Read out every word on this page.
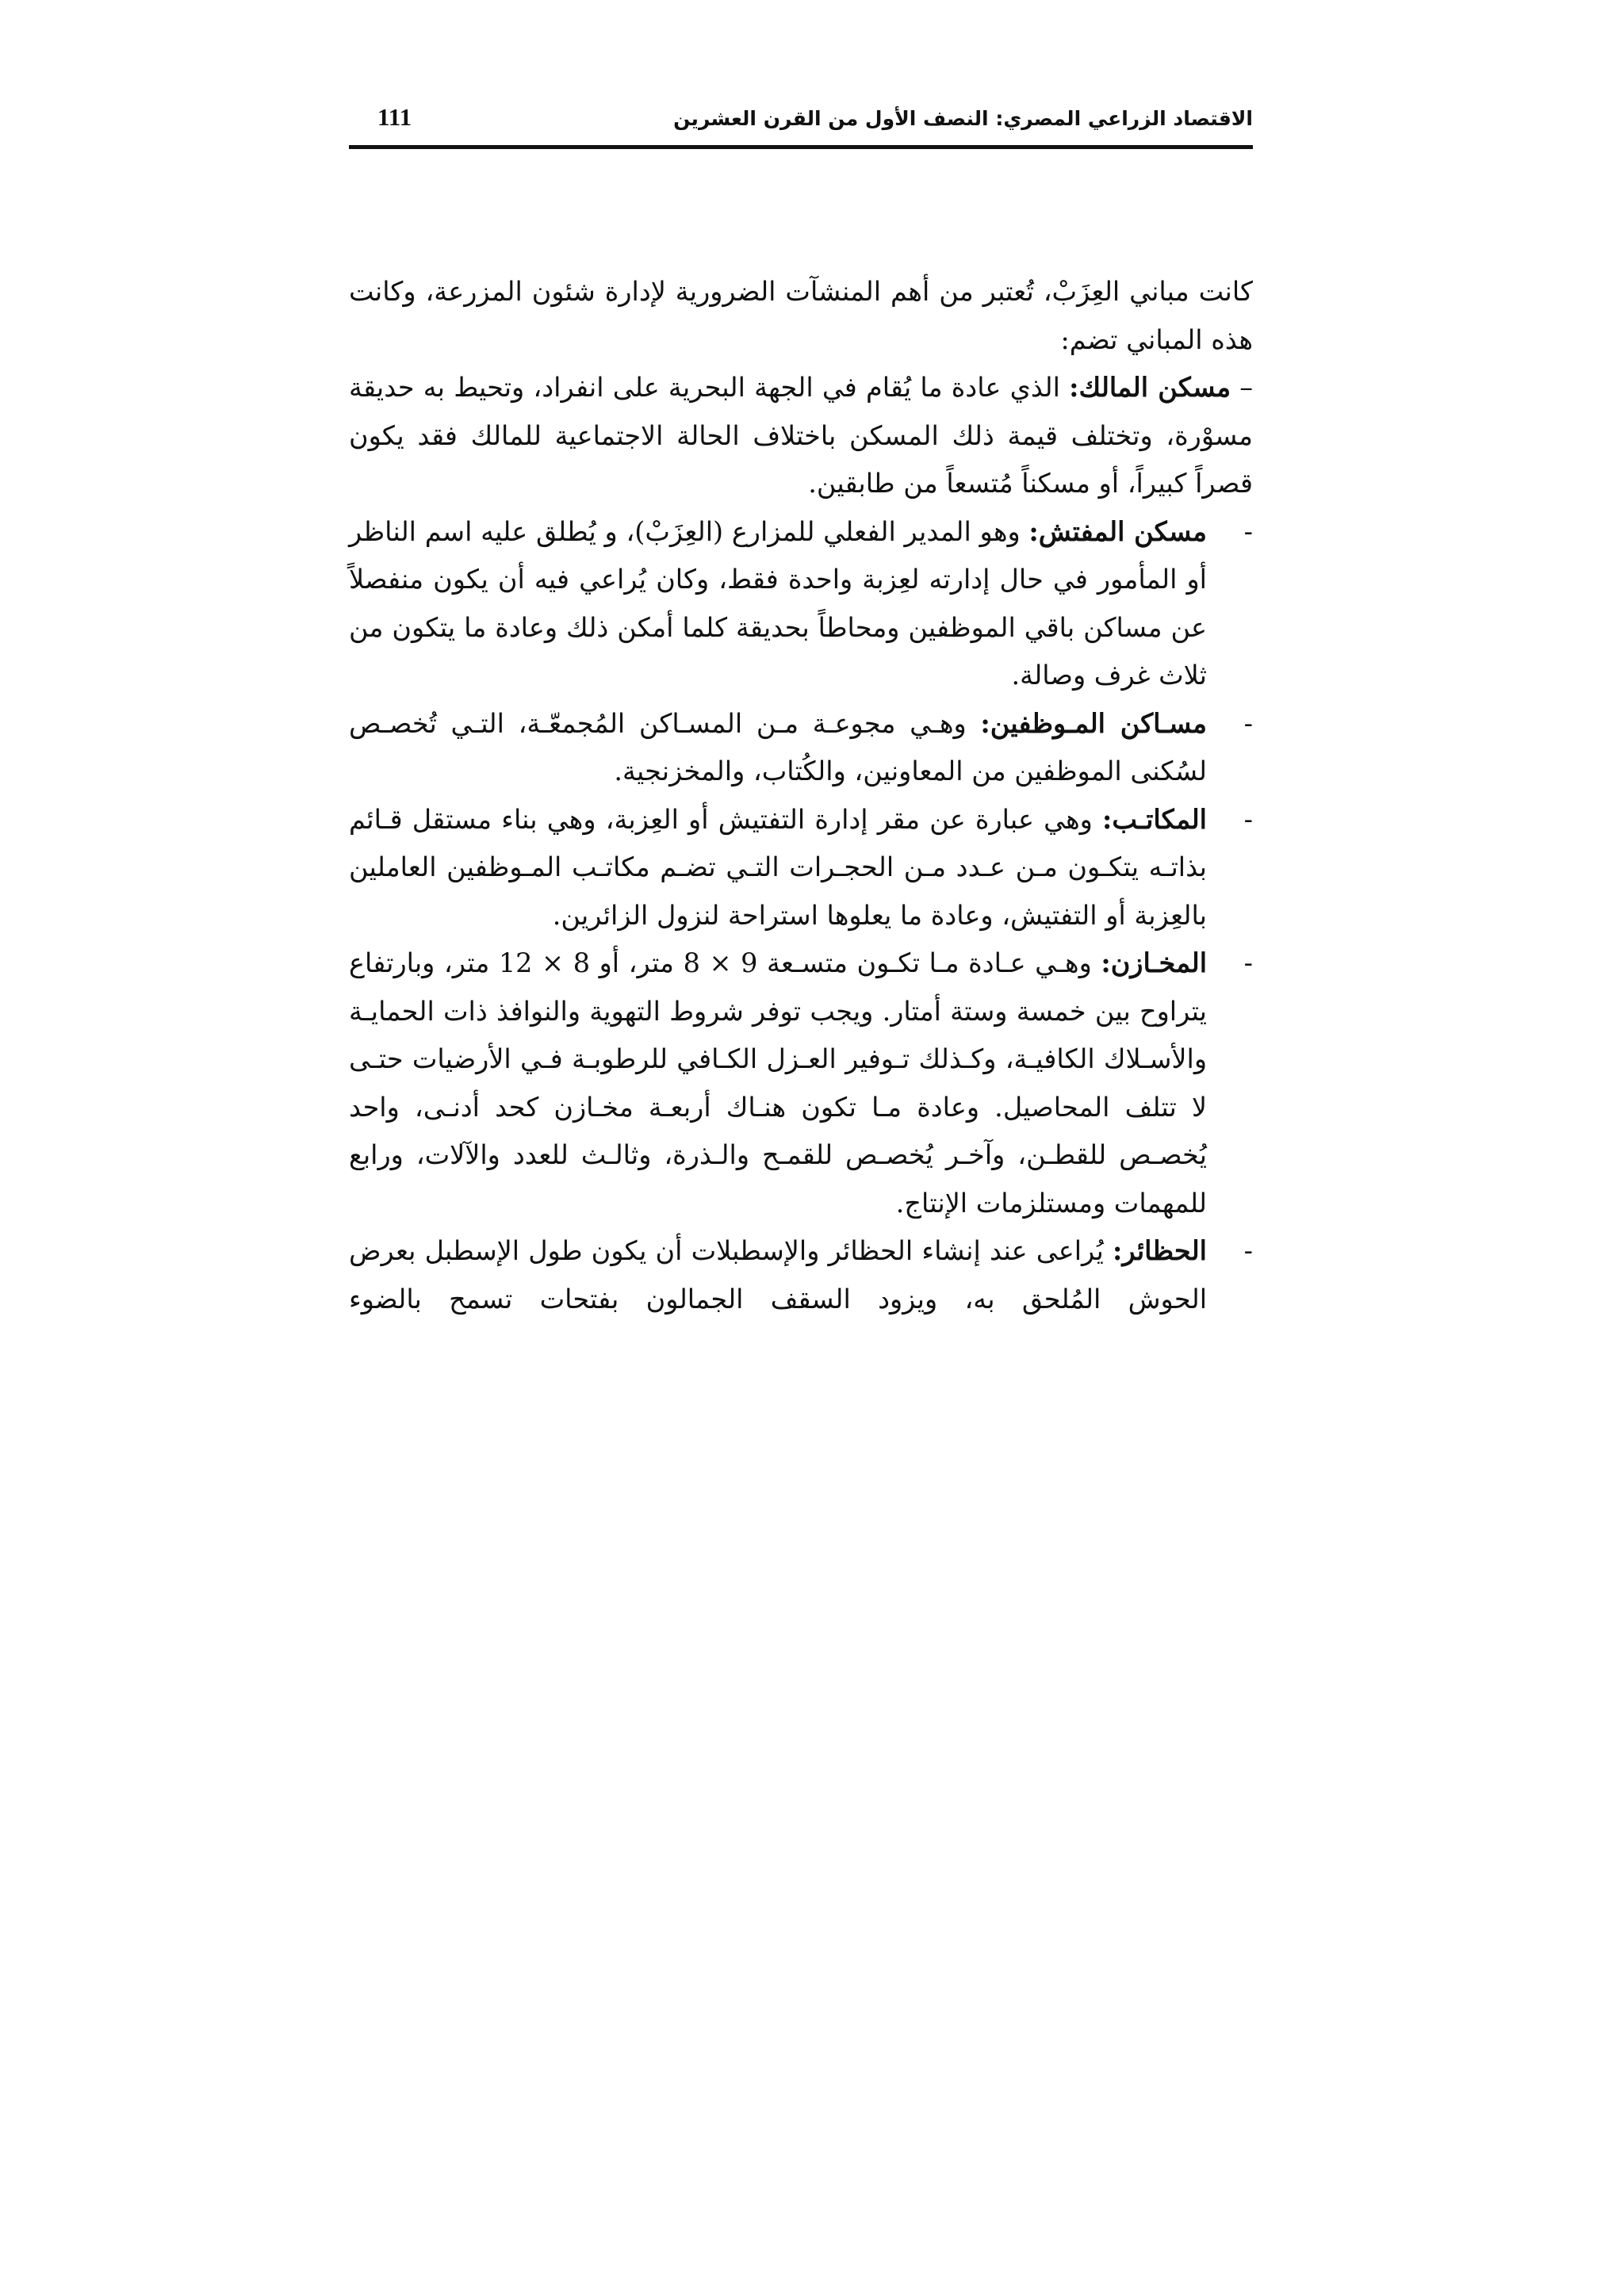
الاقتصاد الزراعي المصري: النصف الأول من القرن العشرين
111

كانت مباني العِزَبْ، تُعتبر من أهم المنشآت الضرورية لإدارة شئون المزرعة، وكانت هذه المباني تضم:

– مسكن المالك: الذي عادة ما يُقام في الجهة البحرية على انفراد، وتحيط به حديقة مسوْرة، وتختلف قيمة ذلك المسكن باختلاف الحالة الاجتماعية للمالك فقد يكون قصراً كبيراً، أو مسكناً مُتسعاً من طابقين.

-
مسكن المفتش: وهو المدير الفعلي للمزارع (العِزَبْ)، و يُطلق عليه اسم الناظر أو المأمور في حال إدارته لعِزبة واحدة فقط، وكان يُراعي فيه أن يكون منفصلاً عن مساكن باقي الموظفين ومحاطاً بحديقة كلما أمكن ذلك وعادة ما يتكون من ثلاث غرف وصالة.
-
مسـاكن المـوظفين: وهـي مجوعـة مـن المسـاكن المُجمعّـة، التـي تُخصـص لسُكنى الموظفين من المعاونين، والكُتاب، والمخزنجية.
-
المكاتـب: وهي عبارة عن مقر إدارة التفتيش أو العِزبة، وهي بناء مستقل قـائم بذاتـه يتكـون مـن عـدد مـن الحجـرات التـي تضـم مكاتـب المـوظفين العاملين بالعِزبة أو التفتيش، وعادة ما يعلوها استراحة لنزول الزائرين.
-
المخـازن: وهـي عـادة مـا تكـون متسـعة 9 × 8 متر، أو 8 × 12 متر، وبارتفاع يتراوح بين خمسة وستة أمتار. ويجب توفر شروط التهوية والنوافذ ذات الحمايـة والأسـلاك الكافيـة، وكـذلك تـوفير العـزل الكـافي للرطوبـة فـي الأرضيات حتـى لا تتلف المحاصيل. وعادة مـا تكون هنـاك أربعـة مخـازن كحد أدنـى، واحد يُخصـص للقطـن، وآخـر يُخصـص للقمـح والـذرة، وثالـث للعدد والآلات، ورابع للمهمات ومستلزمات الإنتاج.
-
الحظائر: يُراعى عند إنشاء الحظائر والإسطبلات أن يكون طول الإسطبل بعرض الحوش المُلحق به، ويزود السقف الجمالون بفتحات تسمح بالضوء
